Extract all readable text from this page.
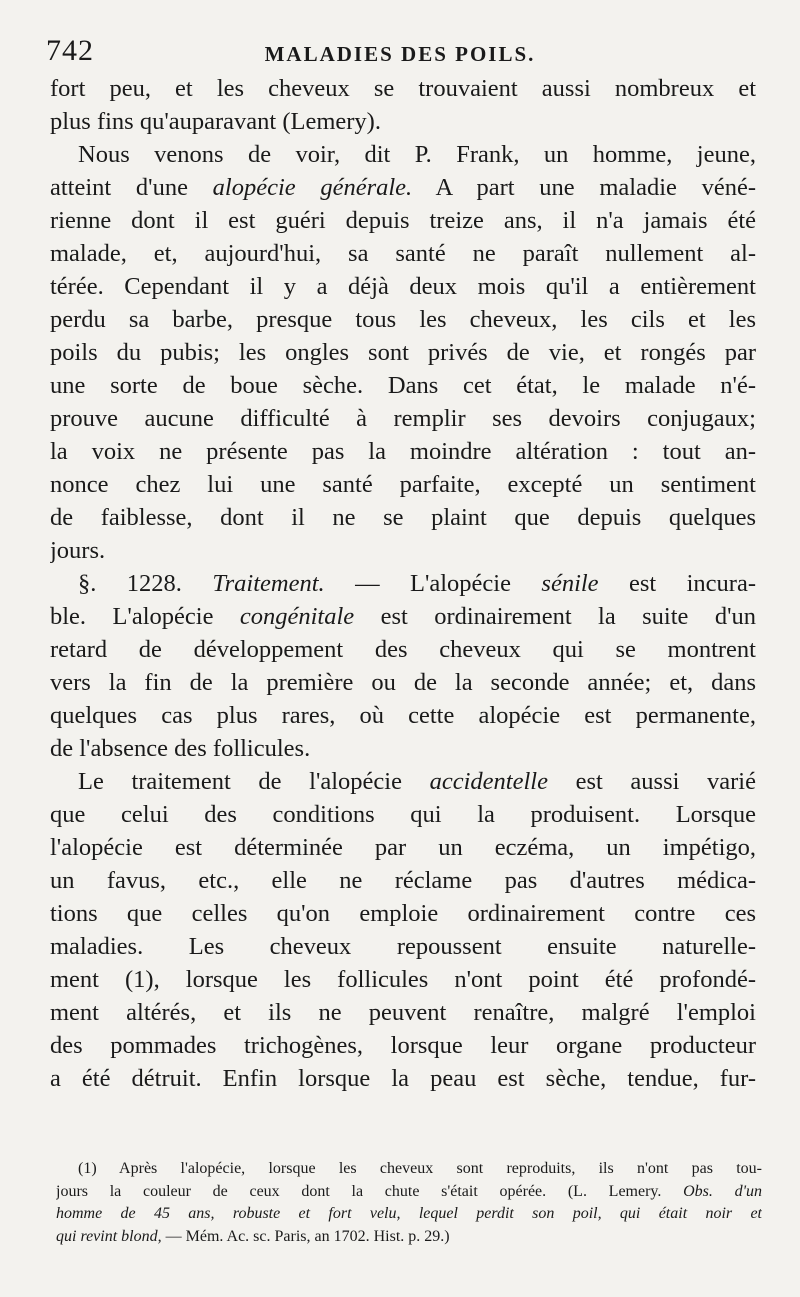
742	MALADIES DES POILS.
fort peu, et les cheveux se trouvaient aussi nombreux et
plus fins qu'auparavant (Lemery).
Nous venons de voir, dit P. Frank, un homme, jeune,
atteint d'une alopécie générale. A part une maladie véné-
rienne dont il est guéri depuis treize ans, il n'a jamais été
malade, et, aujourd'hui, sa santé ne paraît nullement al-
térée. Cependant il y a déjà deux mois qu'il a entièrement
perdu sa barbe, presque tous les cheveux, les cils et les
poils du pubis; les ongles sont privés de vie, et rongés par
une sorte de boue sèche. Dans cet état, le malade n'é-
prouve aucune difficulté à remplir ses devoirs conjugaux;
la voix ne présente pas la moindre altération : tout an-
nonce chez lui une santé parfaite, excepté un sentiment
de faiblesse, dont il ne se plaint que depuis quelques
jours.
§. 1228. Traitement. — L'alopécie sénile est incura-
ble. L'alopécie congénitale est ordinairement la suite d'un
retard de développement des cheveux qui se montrent
vers la fin de la première ou de la seconde année; et, dans
quelques cas plus rares, où cette alopécie est permanente,
de l'absence des follicules.
Le traitement de l'alopécie accidentelle est aussi varié
que celui des conditions qui la produisent. Lorsque
l'alopécie est déterminée par un eczéma, un impétigo,
un favus, etc., elle ne réclame pas d'autres médica-
tions que celles qu'on emploie ordinairement contre ces
maladies. Les cheveux repoussent ensuite naturelle-
ment (1), lorsque les follicules n'ont point été profondé-
ment altérés, et ils ne peuvent renaître, malgré l'emploi
des pommades trichogènes, lorsque leur organe producteur
a été détruit. Enfin lorsque la peau est sèche, tendue, fur-
(1) Après l'alopécie, lorsque les cheveux sont reproduits, ils n'ont pas tou-
jours la couleur de ceux dont la chute s'était opérée. (L. Lemery. Obs. d'un
homme de 45 ans, robuste et fort velu, lequel perdit son poil, qui était noir et
qui revint blond, — Mém. Ac. sc. Paris, an 1702. Hist. p. 29.)
